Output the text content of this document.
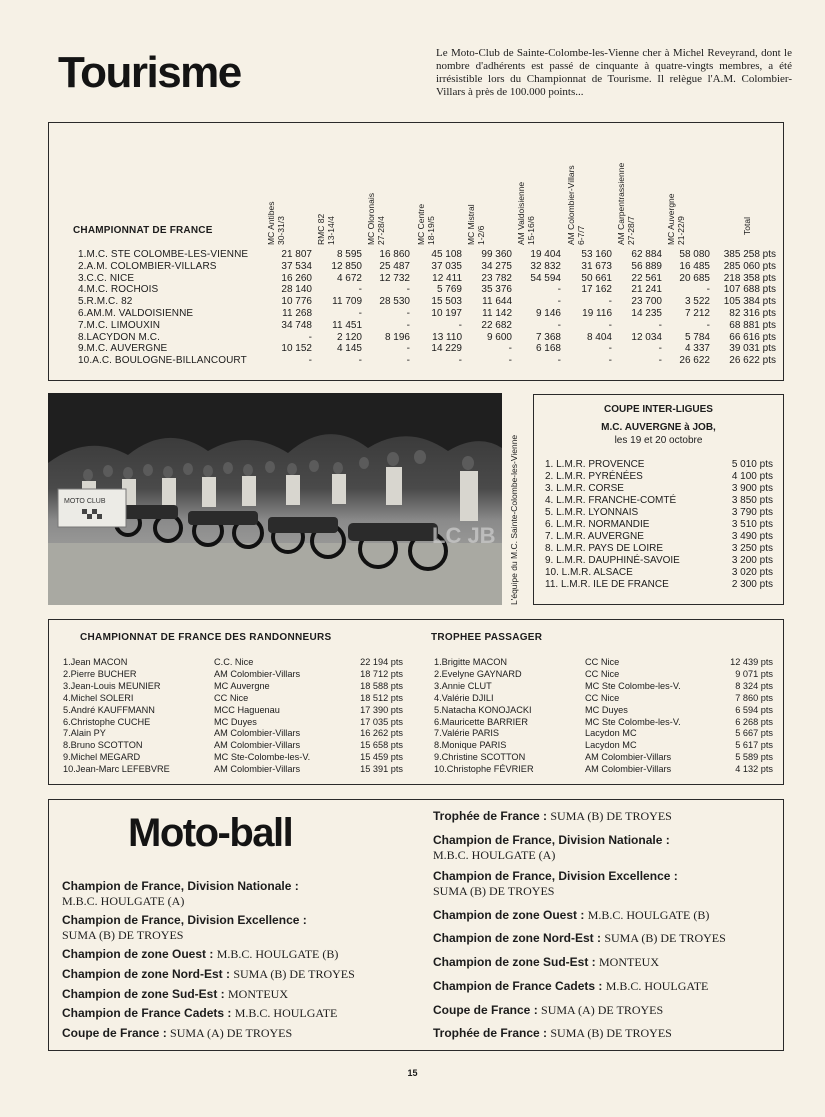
Tourisme	Le Moto-Club de Sainte-Colombe-les-Vienne cher à Michel Reveyrand, dont le nombre d'adhérents est passé de cinquante à quatre-vingts membres, a été irrésistible lors du Championnat de Tourisme. Il relègue l'A.M. Colombier-Villars à près de 100.000 points...
CHAMPIONNAT DE FRANCE	MC Antibes 30-31/3	RMC 82 13-14/4	MC Oloronais 27-28/4	MC Centre 18-19/5	MC Mistral 1-2/6	AM Valdoisienne 15-16/6	AM Colombier-Villars 6-7/7	AM Carpentrassienne 27-28/7	MC Auvergne 21-22/9	Total
1.M.C. STE COLOMBE-LES-VIENNE	21 807	8 595	16 860	45 108	99 360	19 404	53 160	62 884	58 080	385 258 pts
2.A.M. COLOMBIER-VILLARS	37 534	12 850	25 487	37 035	34 275	32 832	31 673	56 889	16 485	285 060 pts
3.C.C. NICE	16 260	4 672	12 732	12 411	23 782	54 594	50 661	22 561	20 685	218 358 pts
4.M.C. ROCHOIS	28 140	-	-	5 769	35 376	-	17 162	21 241	-	107 688 pts
5.R.M.C. 82	10 776	11 709	28 530	15 503	11 644	-	-	23 700	3 522	105 384 pts
6.AM.M. VALDOISIENNE	11 268	-	-	10 197	11 142	9 146	19 116	14 235	7 212	82 316 pts
7.M.C. LIMOUXIN	34 748	11 451	-	-	22 682	-	-	-	-	68 881 pts
8.LACYDON M.C.	-	2 120	8 196	13 110	9 600	7 368	8 404	12 034	5 784	66 616 pts
9.M.C. AUVERGNE	10 152	4 145	-	14 229	-	6 168	-	-	4 337	39 031 pts
10.A.C. BOULOGNE-BILLANCOURT	-	-	-	-	-	-	-	-	26 622	26 622 pts
MOTO CLUB
LC JB L'équipe du M.C. Sainte-Colombe-les-Vienne
COUPE INTER-LIGUES
M.C. AUVERGNE à JOB,
les 19 et 20 octobre
1. L.M.R. PROVENCE	5 010 pts
2. L.M.R. PYRÉNÉES	4 100 pts
3. L.M.R. CORSE	3 900 pts
4. L.M.R. FRANCHE-COMTÉ	3 850 pts
5. L.M.R. LYONNAIS	3 790 pts
6. L.M.R. NORMANDIE	3 510 pts
7. L.M.R. AUVERGNE	3 490 pts
8. L.M.R. PAYS DE LOIRE	3 250 pts
9. L.M.R. DAUPHINÉ-SAVOIE	3 200 pts
10. L.M.R. ALSACE	3 020 pts
11. L.M.R. ILE DE FRANCE	2 300 pts
CHAMPIONNAT DE FRANCE DES RANDONNEURS	TROPHEE PASSAGER
1.Jean MACON	C.C. Nice	22 194 pts
2.Pierre BUCHER	AM Colombier-Villars	18 712 pts
3.Jean-Louis MEUNIER	MC Auvergne	18 588 pts
4.Michel SOLERI	CC Nice	18 512 pts
5.André KAUFFMANN	MCC Haguenau	17 390 pts
6.Christophe CUCHE	MC Duyes	17 035 pts
7.Alain PY	AM Colombier-Villars	16 262 pts
8.Bruno SCOTTON	AM Colombier-Villars	15 658 pts
9.Michel MEGARD	MC Ste-Colombe-les-V.	15 459 pts
10.Jean-Marc LEFEBVRE	AM Colombier-Villars	15 391 pts
1.Brigitte MACON	CC Nice	12 439 pts
2.Evelyne GAYNARD	CC Nice	9 071 pts
3.Annie CLUT	MC Ste Colombe-les-V.	8 324 pts
4.Valérie DJILI	CC Nice	7 860 pts
5.Natacha KONOJACKI	MC Duyes	6 594 pts
6.Mauricette BARRIER	MC Ste Colombe-les-V.	6 268 pts
7.Valérie PARIS	Lacydon MC	5 667 pts
8.Monique PARIS	Lacydon MC	5 617 pts
9.Christine SCOTTON	AM Colombier-Villars	5 589 pts
10.Christophe FÉVRIER	AM Colombier-Villars	4 132 pts
Moto-ball
Champion de France, Division Nationale :
M.B.C. HOULGATE (A)
Champion de France, Division Excellence :
SUMA (B) DE TROYES
Champion de zone Ouest : M.B.C. HOULGATE (B)
Champion de zone Nord-Est : SUMA (B) DE TROYES
Champion de zone Sud-Est : MONTEUX
Champion de France Cadets : M.B.C. HOULGATE
Coupe de France : SUMA (A) DE TROYES
Trophée de France : SUMA (B) DE TROYES
Champion de France, Division Nationale :
M.B.C. HOULGATE (A)
Champion de France, Division Excellence :
SUMA (B) DE TROYES
Champion de zone Ouest : M.B.C. HOULGATE (B)
Champion de zone Nord-Est : SUMA (B) DE TROYES
Champion de zone Sud-Est : MONTEUX
Champion de France Cadets : M.B.C. HOULGATE
Coupe de France : SUMA (A) DE TROYES
Trophée de France : SUMA (B) DE TROYES
15
